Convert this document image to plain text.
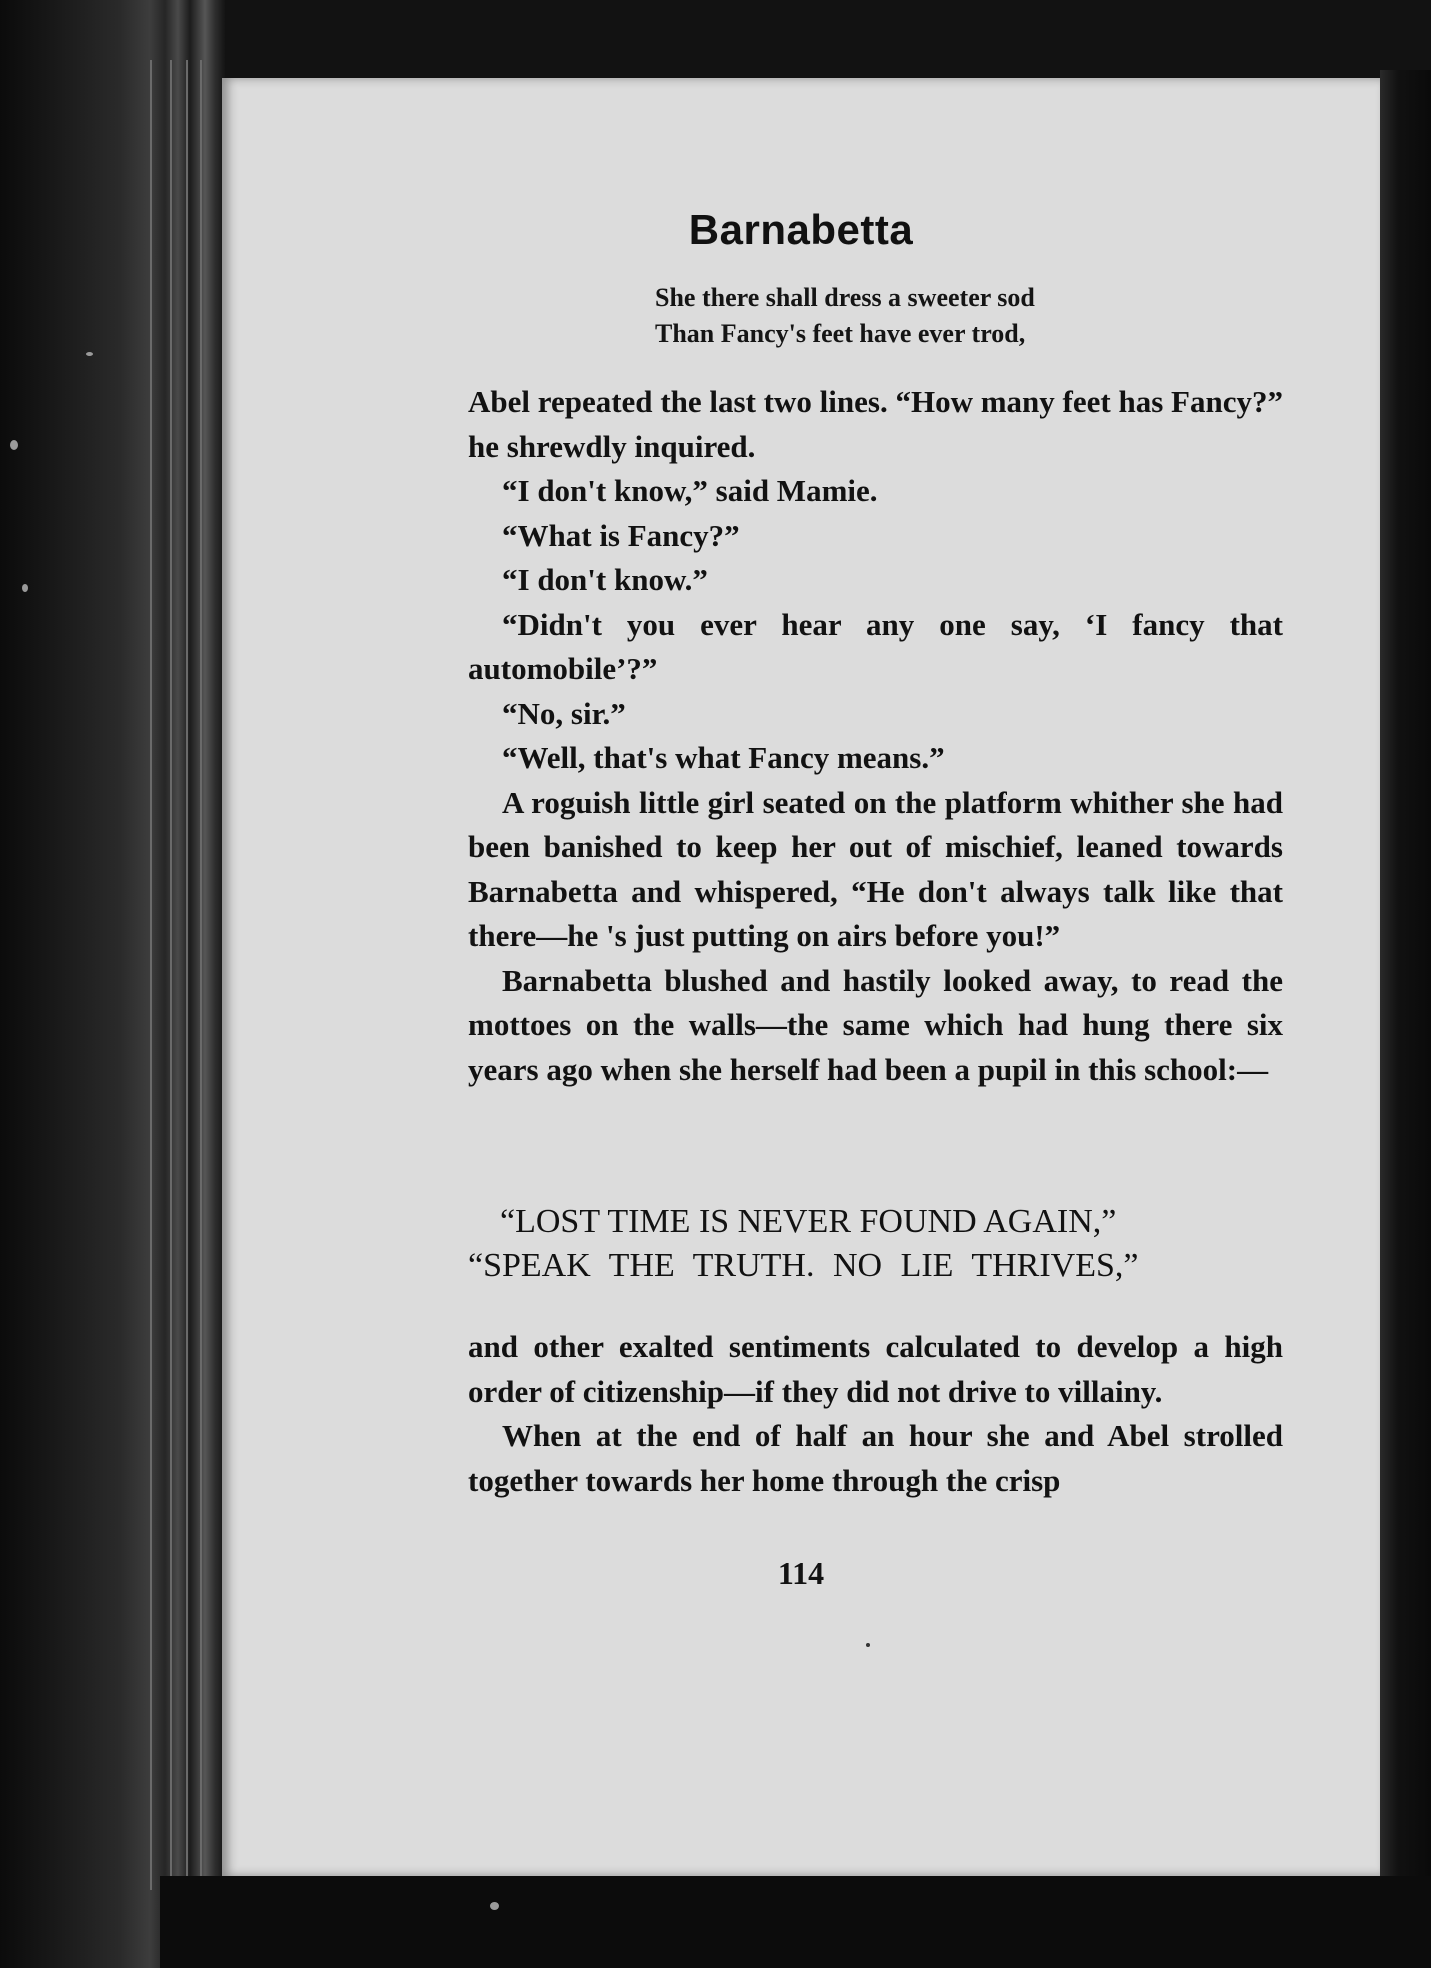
Barnabetta
She there shall dress a sweeter sod
Than Fancy's feet have ever trod,

Abel repeated the last two lines. “How many feet has Fancy?” he shrewdly inquired.

“I don't know,” said Mamie.

“What is Fancy?”

“I don't know.”

“Didn't you ever hear any one say, ‘I fancy that automobile’?”

“No, sir.”

“Well, that's what Fancy means.”

A roguish little girl seated on the platform whither she had been banished to keep her out of mischief, leaned towards Barnabetta and whispered, “He don't always talk like that there—he 's just putting on airs before you!”

Barnabetta blushed and hastily looked away, to read the mottoes on the walls—the same which had hung there six years ago when she herself had been a pupil in this school:—

“LOST TIME IS NEVER FOUND AGAIN,”
“SPEAK THE TRUTH. NO LIE THRIVES,”

and other exalted sentiments calculated to develop a high order of citizenship—if they did not drive to villainy.

When at the end of half an hour she and Abel strolled together towards her home through the crisp

114
